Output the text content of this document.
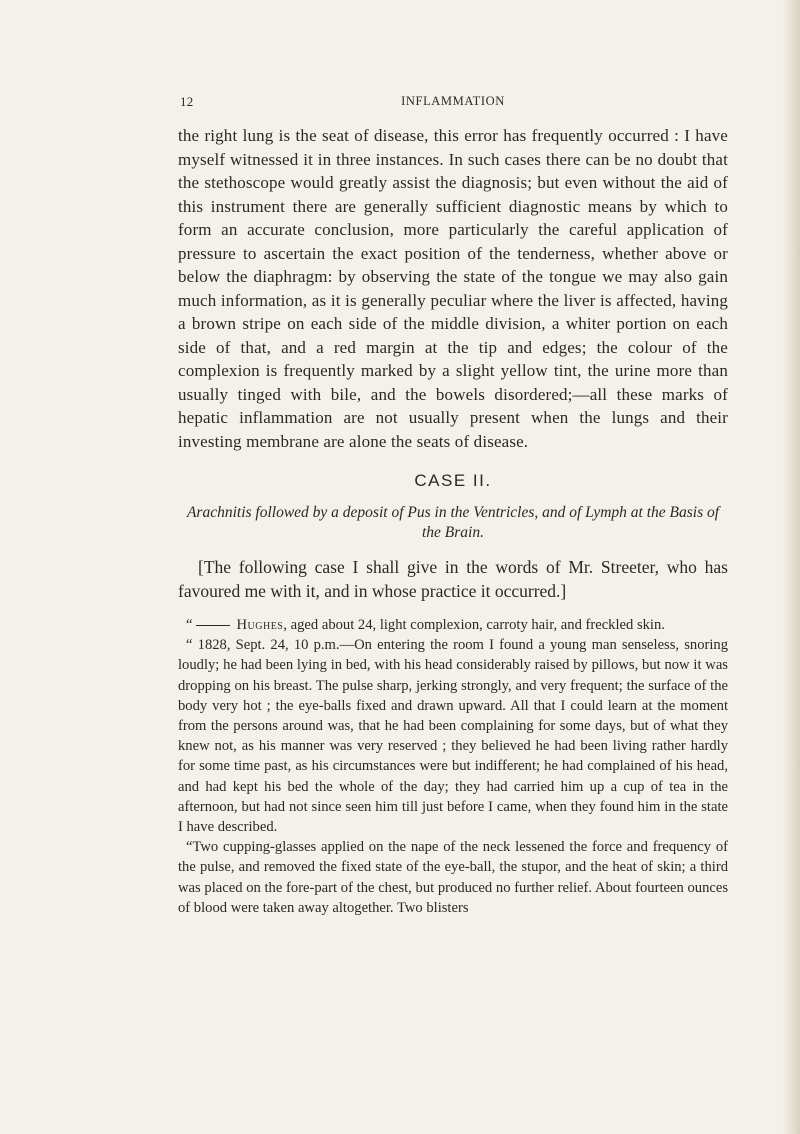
12	INFLAMMATION

the right lung is the seat of disease, this error has frequently occurred : I have myself witnessed it in three instances. In such cases there can be no doubt that the stethoscope would greatly assist the diagnosis; but even without the aid of this instrument there are generally sufficient diagnostic means by which to form an accurate conclusion, more particularly the careful application of pressure to ascertain the exact position of the tenderness, whether above or below the diaphragm: by observing the state of the tongue we may also gain much information, as it is generally peculiar where the liver is affected, having a brown stripe on each side of the middle division, a whiter portion on each side of that, and a red margin at the tip and edges; the colour of the complexion is frequently marked by a slight yellow tint, the urine more than usually tinged with bile, and the bowels disordered;—all these marks of hepatic inflammation are not usually present when the lungs and their investing membrane are alone the seats of disease.

CASE II.
Arachnitis followed by a deposit of Pus in the Ventricles, and of Lymph at the Basis of the Brain.
[The following case I shall give in the words of Mr. Streeter, who has favoured me with it, and in whose practice it occurred.]

“	Hughes, aged about 24, light complexion, carroty hair, and freckled skin.

“ 1828, Sept. 24, 10 p.m.—On entering the room I found a young man senseless, snoring loudly; he had been lying in bed, with his head considerably raised by pillows, but now it was dropping on his breast. The pulse sharp, jerking strongly, and very frequent; the surface of the body very hot ; the eye-balls fixed and drawn upward. All that I could learn at the moment from the persons around was, that he had been complaining for some days, but of what they knew not, as his manner was very reserved ; they believed he had been living rather hardly for some time past, as his circumstances were but indifferent; he had complained of his head, and had kept his bed the whole of the day; they had carried him up a cup of tea in the afternoon, but had not since seen him till just before I came, when they found him in the state I have described.

“Two cupping-glasses applied on the nape of the neck lessened the force and frequency of the pulse, and removed the fixed state of the eye-ball, the stupor, and the heat of skin; a third was placed on the fore-part of the chest, but produced no further relief. About fourteen ounces of blood were taken away altogether. Two blisters
